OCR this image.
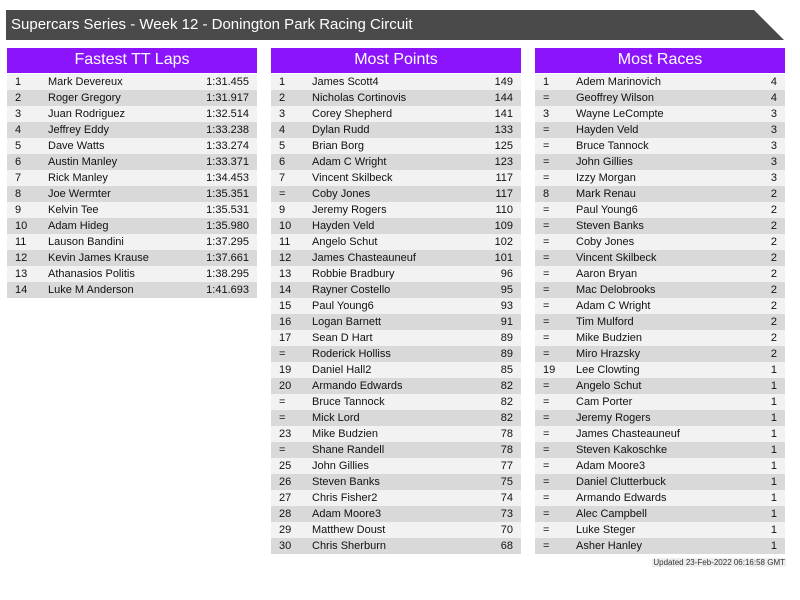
Supercars Series - Week 12 - Donington Park Racing Circuit
Fastest TT Laps
1 Mark Devereux	1:31.455
2 Roger Gregory	1:31.917
3 Juan Rodriguez	1:32.514
4 Jeffrey Eddy	1:33.238
5 Dave Watts	1:33.274
6 Austin Manley	1:33.371
7 Rick Manley	1:34.453
8 Joe Wermter	1:35.351
9 Kelvin Tee	1:35.531
10 Adam Hideg	1:35.980
11 Lauson Bandini	1:37.295
12 Kevin James Krause	1:37.661
13 Athanasios Politis	1:38.295
14 Luke M Anderson	1:41.693
Most Points
1 James Scott4	149
2 Nicholas Cortinovis	144
3 Corey Shepherd	141
4 Dylan Rudd	133
5 Brian Borg	125
6 Adam C Wright	123
7 Vincent Skilbeck	117
= Coby Jones	117
9 Jeremy Rogers	110
10 Hayden Veld	109
11 Angelo Schut	102
12 James Chasteauneuf	101
13 Robbie Bradbury	96
14 Rayner Costello	95
15 Paul Young6	93
16 Logan Barnett	91
17 Sean D Hart	89
= Roderick Holliss	89
19 Daniel Hall2	85
20 Armando Edwards	82
= Bruce Tannock	82
= Mick Lord	82
23 Mike Budzien	78
= Shane Randell	78
25 John Gillies	77
26 Steven Banks	75
27 Chris Fisher2	74
28 Adam Moore3	73
29 Matthew Doust	70
30 Chris Sherburn	68
Most Races
1 Adem Marinovich	4
= Geoffrey Wilson	4
3 Wayne LeCompte	3
= Hayden Veld	3
= Bruce Tannock	3
= John Gillies	3
= Izzy Morgan	3
8 Mark Renau	2
= Paul Young6	2
= Steven Banks	2
= Coby Jones	2
= Vincent Skilbeck	2
= Aaron Bryan	2
= Mac Delobrooks	2
= Adam C Wright	2
= Tim Mulford	2
= Mike Budzien	2
= Miro Hrazsky	2
19 Lee Clowting	1
= Angelo Schut	1
= Cam Porter	1
= Jeremy Rogers	1
= James Chasteauneuf	1
= Steven Kakoschke	1
= Adam Moore3	1
= Daniel Clutterbuck	1
= Armando Edwards	1
= Alec Campbell	1
= Luke Steger	1
= Asher Hanley	1
Updated 23-Feb-2022 06:16:58 GMT
